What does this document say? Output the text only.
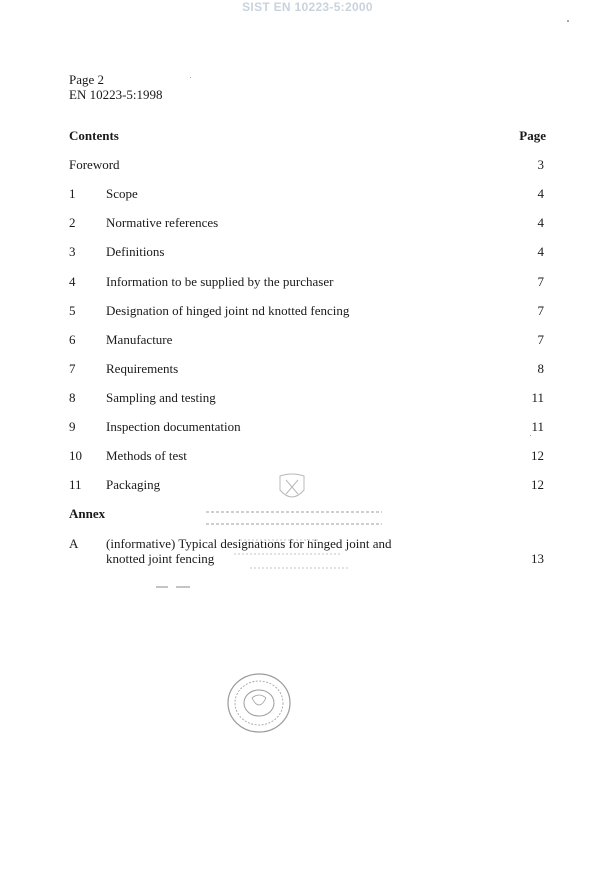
SIST EN 10223-5:2000
Page 2
EN 10223-5:1998
Contents	Page
Foreword	3
1 Scope	4
2 Normative references	4
3 Definitions	4
4 Information to be supplied by the purchaser	7
5 Designation of hinged joint nd knotted fencing	7
6 Manufacture	7
7 Requirements	8
8 Sampling and testing	11
9 Inspection documentation	11
10 Methods of test	12
11 Packaging	12
Annex
A (informative) Typical designations for hinged joint and
knotted joint fencing	13
